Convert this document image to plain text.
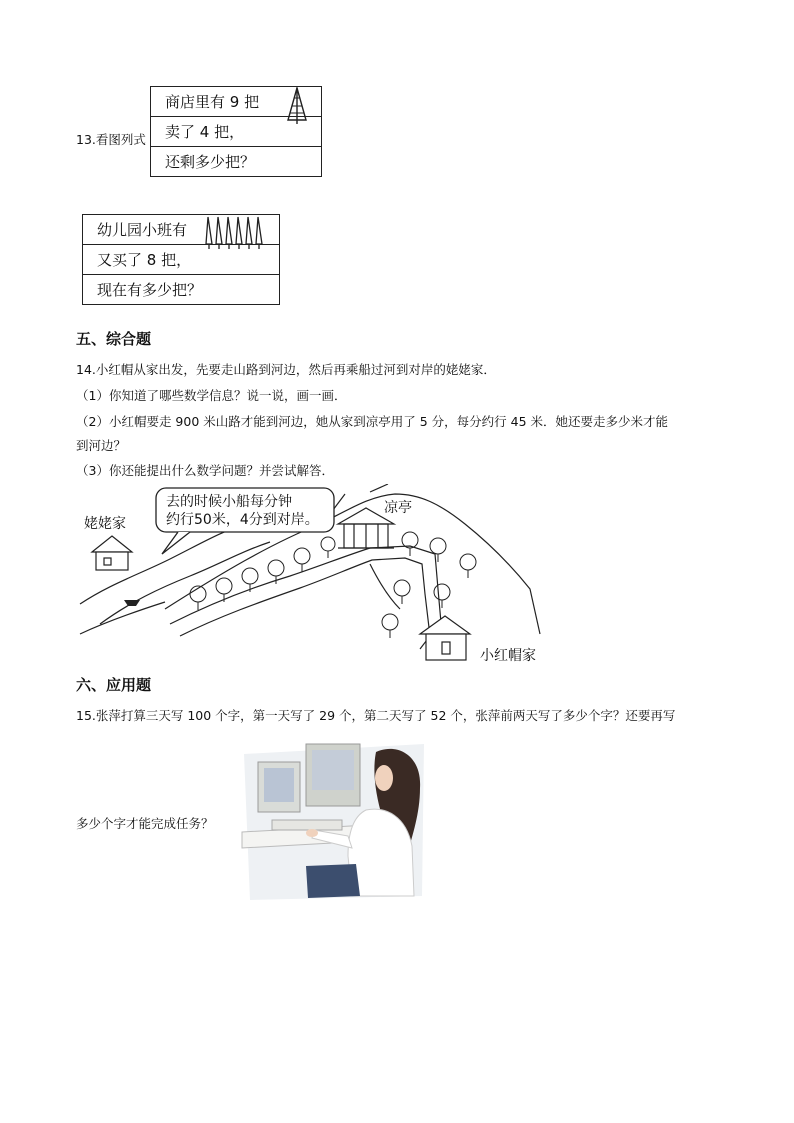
13.看图列式
商店里有 9 把
卖了 4 把，
还剩多少把？
幼儿园小班有
又买了 8 把，
现在有多少把？
五、综合题
14.小红帽从家出发，先要走山路到河边，然后再乘船过河到对岸的姥姥家．
（1）你知道了哪些数学信息？说一说，画一画．
（2）小红帽要走 900 米山路才能到河边，她从家到凉亭用了 5 分，每分约行 45 米．她还要走多少米才能
到河边？
（3）你还能提出什么数学问题？并尝试解答．
去的时候小船每分钟
约行50米，4分到对岸。
姥姥家
凉亭
小红帽家
六、应用题
15.张萍打算三天写 100 个字，第一天写了 29 个，第二天写了 52 个，张萍前两天写了多少个字？还要再写
多少个字才能完成任务？
